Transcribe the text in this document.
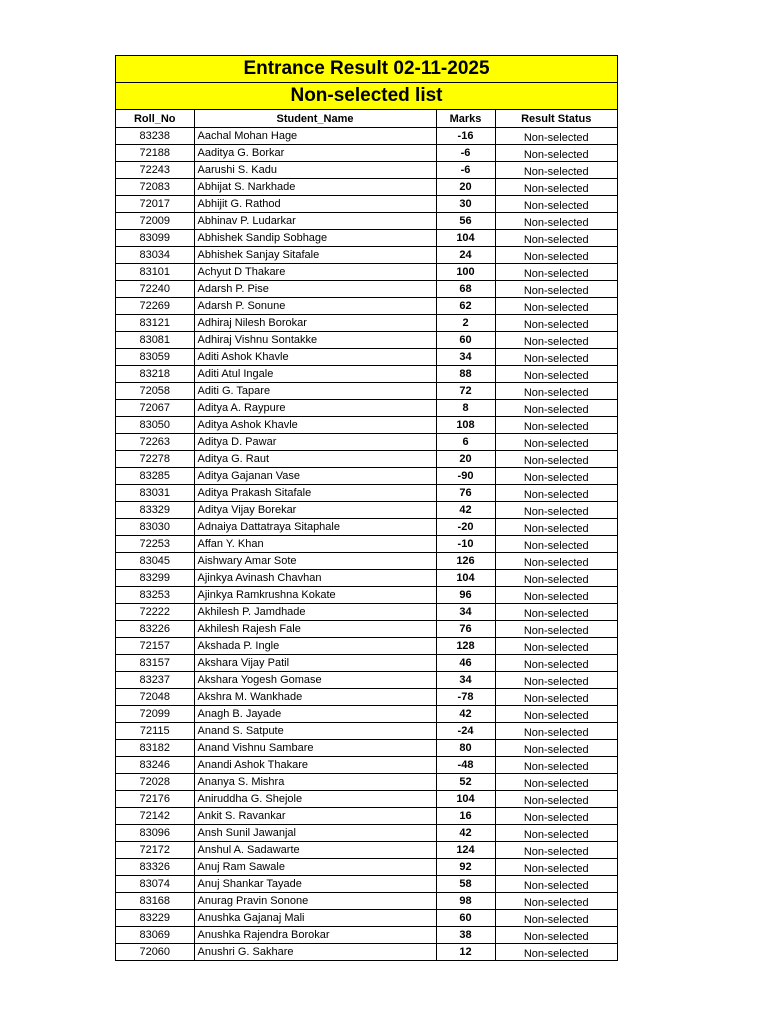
Entrance Result 02-11-2025
Non-selected list
Roll_No	Student_Name	Marks	Result Status
83238	Aachal Mohan Hage	-16	Non-selected
72188	Aaditya G. Borkar	-6	Non-selected
72243	Aarushi S. Kadu	-6	Non-selected
72083	Abhijat S. Narkhade	20	Non-selected
72017	Abhijit G. Rathod	30	Non-selected
72009	Abhinav P. Ludarkar	56	Non-selected
83099	Abhishek Sandip Sobhage	104	Non-selected
83034	Abhishek Sanjay Sitafale	24	Non-selected
83101	Achyut D Thakare	100	Non-selected
72240	Adarsh P. Pise	68	Non-selected
72269	Adarsh P. Sonune	62	Non-selected
83121	Adhiraj Nilesh Borokar	2	Non-selected
83081	Adhiraj Vishnu Sontakke	60	Non-selected
83059	Aditi Ashok Khavle	34	Non-selected
83218	Aditi Atul Ingale	88	Non-selected
72058	Aditi G. Tapare	72	Non-selected
72067	Aditya A. Raypure	8	Non-selected
83050	Aditya Ashok Khavle	108	Non-selected
72263	Aditya D. Pawar	6	Non-selected
72278	Aditya G. Raut	20	Non-selected
83285	Aditya Gajanan Vase	-90	Non-selected
83031	Aditya Prakash Sitafale	76	Non-selected
83329	Aditya Vijay Borekar	42	Non-selected
83030	Adnaiya Dattatraya Sitaphale	-20	Non-selected
72253	Affan Y. Khan	-10	Non-selected
83045	Aishwary Amar Sote	126	Non-selected
83299	Ajinkya Avinash Chavhan	104	Non-selected
83253	Ajinkya Ramkrushna Kokate	96	Non-selected
72222	Akhilesh P. Jamdhade	34	Non-selected
83226	Akhilesh Rajesh Fale	76	Non-selected
72157	Akshada P. Ingle	128	Non-selected
83157	Akshara Vijay Patil	46	Non-selected
83237	Akshara Yogesh Gomase	34	Non-selected
72048	Akshra M. Wankhade	-78	Non-selected
72099	Anagh B. Jayade	42	Non-selected
72115	Anand S. Satpute	-24	Non-selected
83182	Anand Vishnu Sambare	80	Non-selected
83246	Anandi Ashok Thakare	-48	Non-selected
72028	Ananya S. Mishra	52	Non-selected
72176	Aniruddha G. Shejole	104	Non-selected
72142	Ankit S. Ravankar	16	Non-selected
83096	Ansh Sunil Jawanjal	42	Non-selected
72172	Anshul A. Sadawarte	124	Non-selected
83326	Anuj Ram Sawale	92	Non-selected
83074	Anuj Shankar Tayade	58	Non-selected
83168	Anurag Pravin Sonone	98	Non-selected
83229	Anushka Gajanaj Mali	60	Non-selected
83069	Anushka Rajendra Borokar	38	Non-selected
72060	Anushri G. Sakhare	12	Non-selected
